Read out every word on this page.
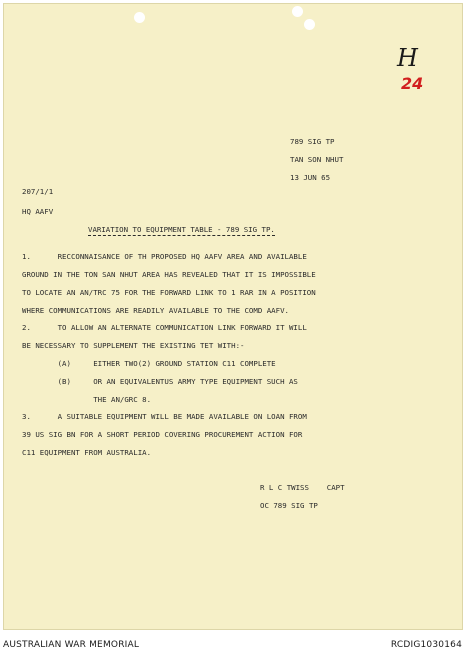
H
24
789 SIG TP
TAN SON NHUT
13 JUN 65
207/1/1
HQ AAFV
VARIATION TO EQUIPMENT TABLE - 789 SIG TP.
1.      RECCONNAISANCE OF TH PROPOSED HQ AAFV AREA AND AVAILABLE
GROUND IN THE TON SAN NHUT AREA HAS REVEALED THAT IT IS IMPOSSIBLE
TO LOCATE AN AN/TRC 75 FOR THE FORWARD LINK TO 1 RAR IN A POSITION
WHERE COMMUNICATIONS ARE READILY AVAILABLE TO THE COMD AAFV.
2.      TO ALLOW AN ALTERNATE COMMUNICATION LINK FORWARD IT WILL
BE NECESSARY TO SUPPLEMENT THE EXISTING TET WITH:-
(A)     EITHER TWO(2) GROUND STATION C11 COMPLETE
(B)     OR AN EQUIVALENTUS ARMY TYPE EQUIPMENT SUCH AS
THE AN/GRC 8.
3.      A SUITABLE EQUIPMENT WILL BE MADE AVAILABLE ON LOAN FROM
39 US SIG BN FOR A SHORT PERIOD COVERING PROCUREMENT ACTION FOR
C11 EQUIPMENT FROM AUSTRALIA.
R L C TWISS    CAPT
OC 789 SIG TP
AUSTRALIAN WAR MEMORIAL	RCDIG1030164
